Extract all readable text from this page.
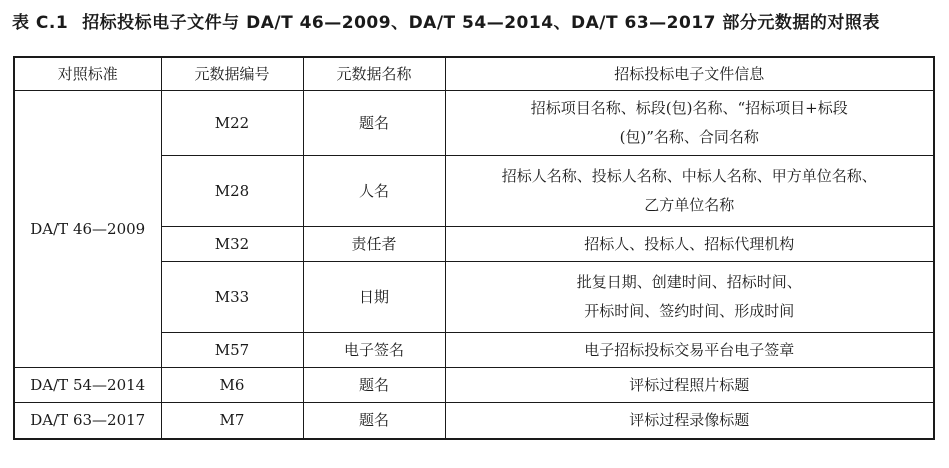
表 C.1 招标投标电子文件与 DA/T 46—2009、DA/T 54—2014、DA/T 63—2017 部分元数据的对照表
对照标准	元数据编号	元数据名称	招标投标电子文件信息
DA/T 46—2009	M22	题名	招标项目名称、标段(包)名称、“招标项目+标段
(包)”名称、合同名称
	M28	人名	招标人名称、投标人名称、中标人名称、甲方单位名称、
乙方单位名称
	M32	责任者	招标人、投标人、招标代理机构
	M33	日期	批复日期、创建时间、招标时间、
开标时间、签约时间、形成时间
	M57	电子签名	电子招标投标交易平台电子签章
DA/T 54—2014	M6	题名	评标过程照片标题
DA/T 63—2017	M7	题名	评标过程录像标题
